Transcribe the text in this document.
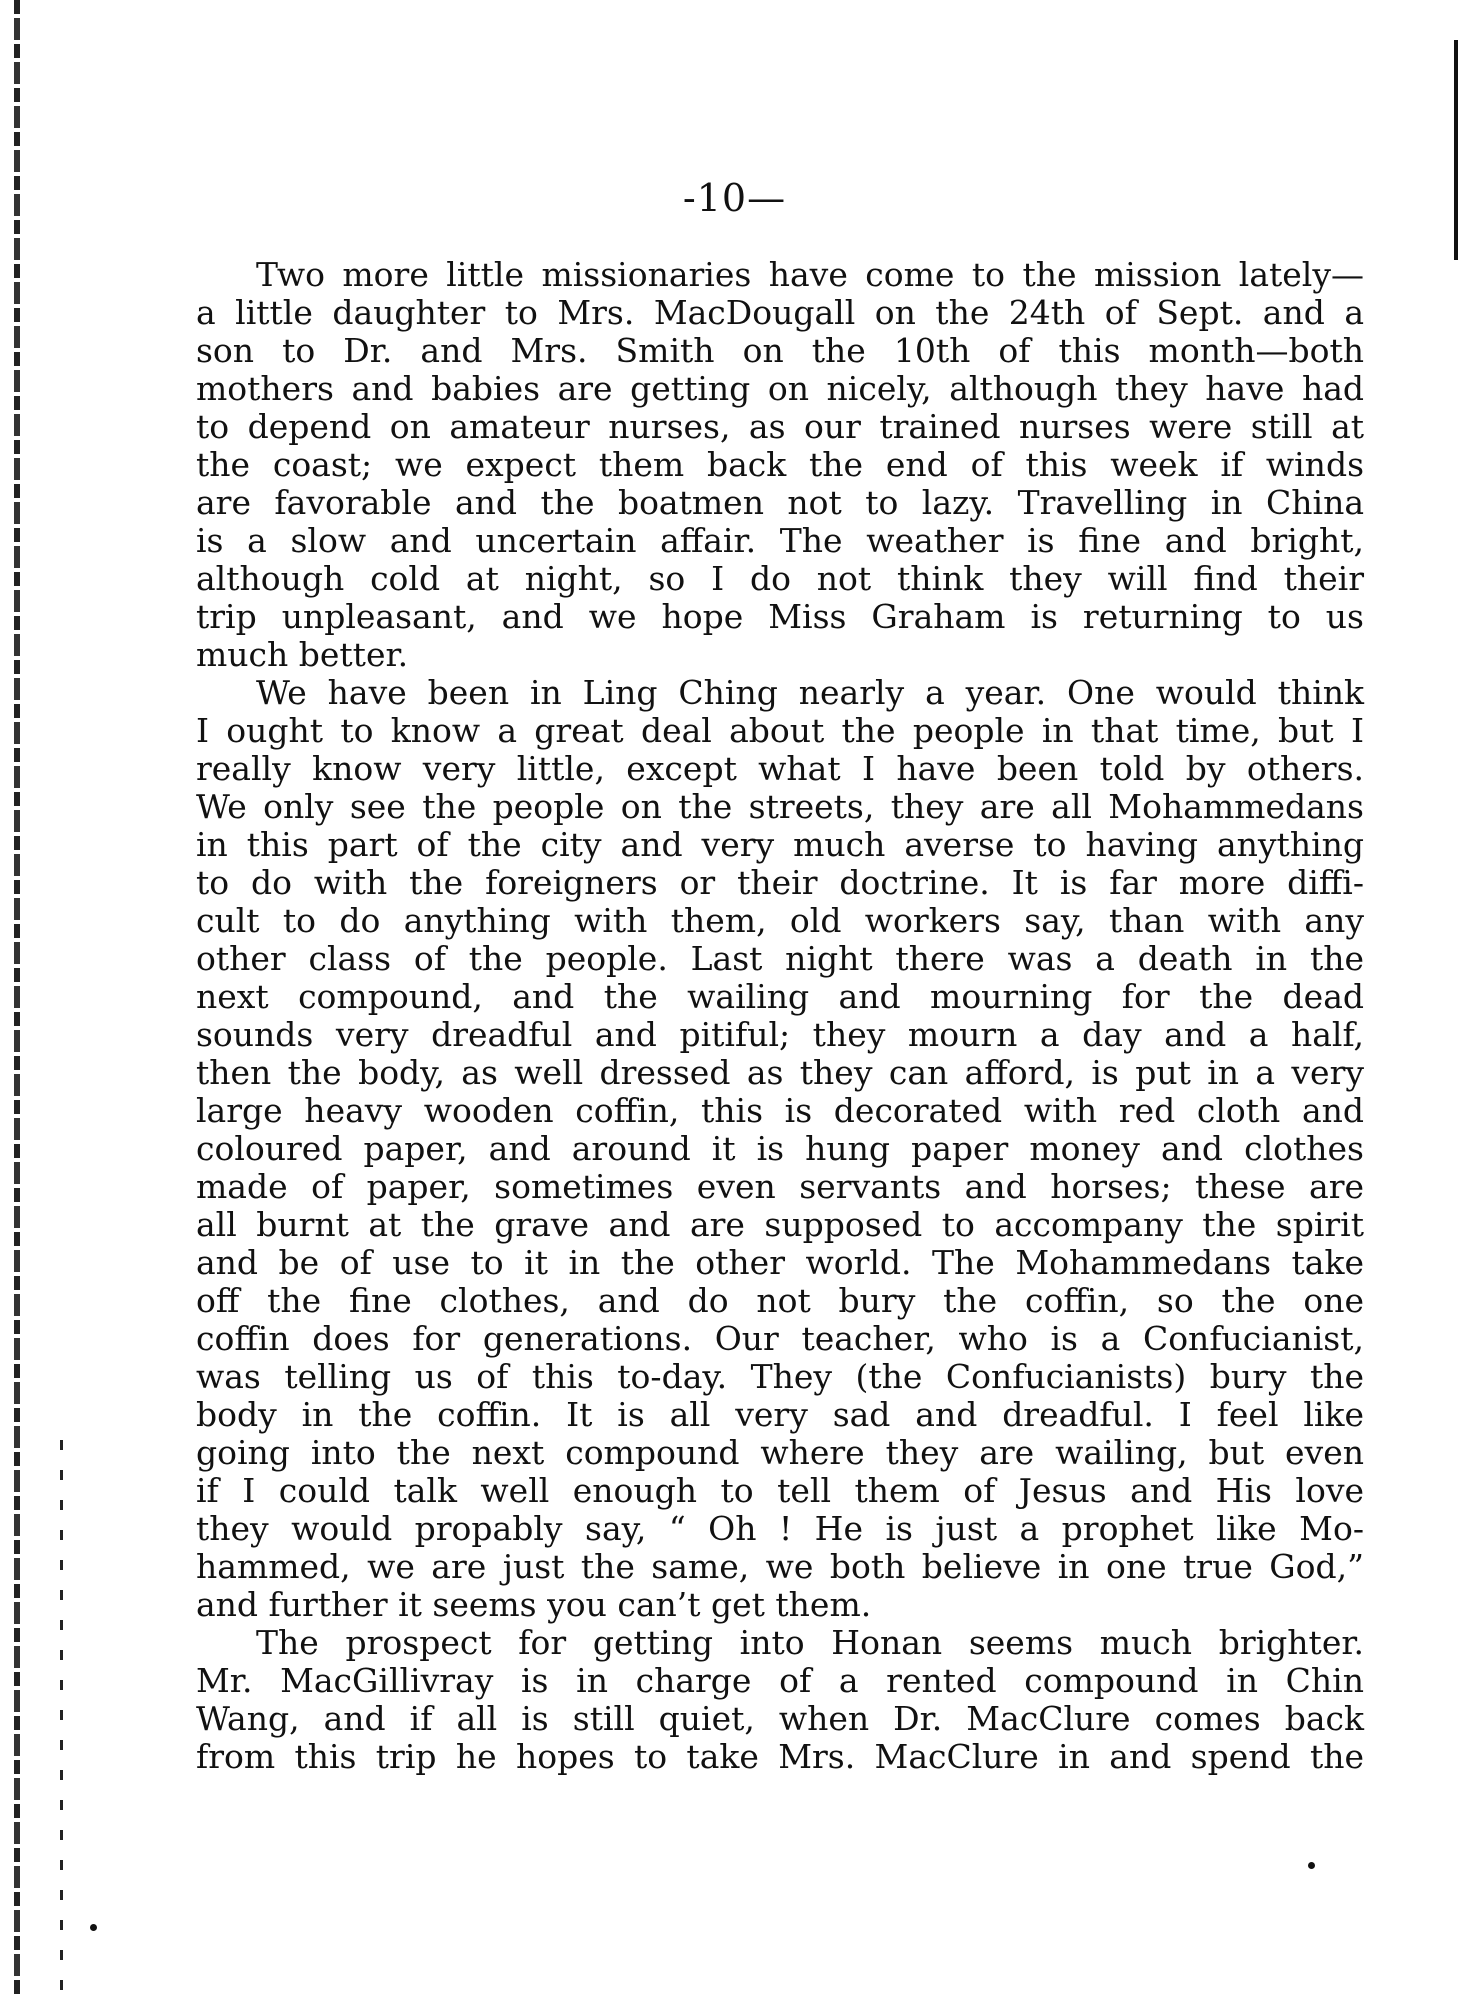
-10—
Two more little missionaries have come to the mission lately—
a little daughter to Mrs. MacDougall on the 24th of Sept. and a
son to Dr. and Mrs. Smith on the 10th of this month—both
mothers and babies are getting on nicely, although they have had
to depend on amateur nurses, as our trained nurses were still at
the coast; we expect them back the end of this week if winds
are favorable and the boatmen not to lazy. Travelling in China
is a slow and uncertain affair. The weather is fine and bright,
although cold at night, so I do not think they will find their
trip unpleasant, and we hope Miss Graham is returning to us
much better.
We have been in Ling Ching nearly a year. One would think
I ought to know a great deal about the people in that time, but I
really know very little, except what I have been told by others.
We only see the people on the streets, they are all Mohammedans
in this part of the city and very much averse to having anything
to do with the foreigners or their doctrine. It is far more diffi-
cult to do anything with them, old workers say, than with any
other class of the people. Last night there was a death in the
next compound, and the wailing and mourning for the dead
sounds very dreadful and pitiful; they mourn a day and a half,
then the body, as well dressed as they can afford, is put in a very
large heavy wooden coffin, this is decorated with red cloth and
coloured paper, and around it is hung paper money and clothes
made of paper, sometimes even servants and horses; these are
all burnt at the grave and are supposed to accompany the spirit
and be of use to it in the other world. The Mohammedans take
off the fine clothes, and do not bury the coffin, so the one
coffin does for generations. Our teacher, who is a Confucianist,
was telling us of this to-day. They (the Confucianists) bury the
body in the coffin. It is all very sad and dreadful. I feel like
going into the next compound where they are wailing, but even
if I could talk well enough to tell them of Jesus and His love
they would propably say, “ Oh ! He is just a prophet like Mo-
hammed, we are just the same, we both believe in one true God,”
and further it seems you can’t get them.
The prospect for getting into Honan seems much brighter.
Mr. MacGillivray is in charge of a rented compound in Chin
Wang, and if all is still quiet, when Dr. MacClure comes back
from this trip he hopes to take Mrs. MacClure in and spend the
